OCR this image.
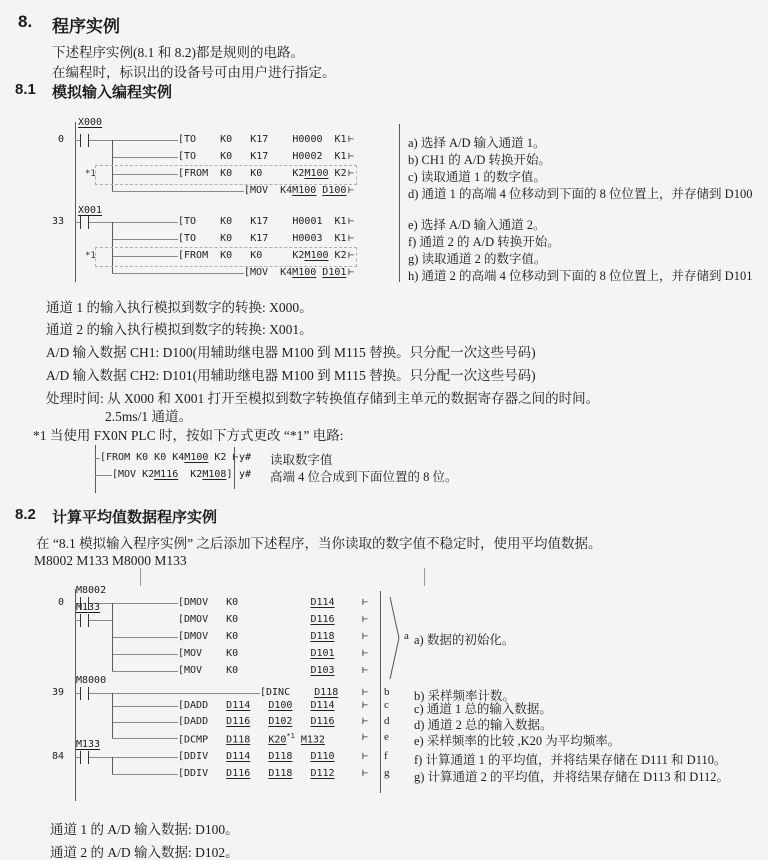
8. 程序实例
下述程序实例(8.1 和 8.2)都是规则的电路。
在编程时，标识出的设备号可由用户进行指定。
8.1 模拟输入编程实例
0
33
X000
X001
*1
*1
[TO    K0   K17    H0000  K1
[TO    K0   K17    H0002  K1
[FROM  K0   K0     K2M100 K2
[MOV  K4M100 D100
[TO    K0   K17    H0001  K1
[TO    K0   K17    H0003  K1
[FROM  K0   K0     K2M100 K2
[MOV  K4M100 D101
⊢
⊢
⊢
⊢
⊢
⊢
⊢
⊢
a) 选择 A/D 输入通道 1。
b) CH1 的 A/D 转换开始。
c) 读取通道 1 的数字值。
d) 通道 1 的高端 4 位移动到下面的 8 位位置上，并存储到 D100
e) 选择 A/D 输入通道 2。
f) 通道 2 的 A/D 转换开始。
g) 读取通道 2 的数字值。
h) 通道 2 的高端 4 位移动到下面的 8 位位置上，并存储到 D101
通道 1 的输入执行模拟到数字的转换: X000。
通道 2 的输入执行模拟到数字的转换: X001。
A/D 输入数据 CH1: D100(用辅助继电器 M100 到 M115 替换。只分配一次这些号码)
A/D 输入数据 CH2: D101(用辅助继电器 M100 到 M115 替换。只分配一次这些号码)
处理时间: 从 X000 和 X001 打开至模拟到数字转换值存储到主单元的数据寄存器之间的时间。
2.5ms/1 通道。
*1 当使用 FX0N PLC 时，按如下方式更改 “*1” 电路:
[FROM K0 K0 K4M100 K2 ⊢
[MOV K2M116  K2M108]
y#
y#
读取数字值
高端 4 位合成到下面位置的 8 位。
8.2 计算平均值数据程序实例
在 “8.1 模拟输入程序实例” 之后添加下述程序，当你读取的数字值不稳定时，使用平均值数据。
M8002 M133 M8000 M133
0
39
84
M8002
M133
M8000
M133
[DMOV   K0            D114
[DMOV   K0            D116
[DMOV   K0            D118
[MOV    K0            D101
[MOV    K0            D103
[DINC    D118
[DADD   D114 D100 D114
[DADD   D116 D102 D116
[DCMP   D118 K20$^{*1}$ M132
[DDIV   D114 D118 D110
[DDIV   D116 D118 D112
⊢
⊢
⊢
⊢
⊢
⊢
⊢
⊢
⊢
⊢
⊢
a
b
c
d
e
f
g
a) 数据的初始化。
b) 采样频率计数。
c) 通道 1 总的输入数据。
d) 通道 2 总的输入数据。
e) 采样频率的比较 ,K20 为平均频率。
f) 计算通道 1 的平均值，并将结果存储在 D111 和 D110。
g) 计算通道 2 的平均值，并将结果存储在 D113 和 D112。
通道 1 的 A/D 输入数据: D100。
通道 2 的 A/D 输入数据: D102。
